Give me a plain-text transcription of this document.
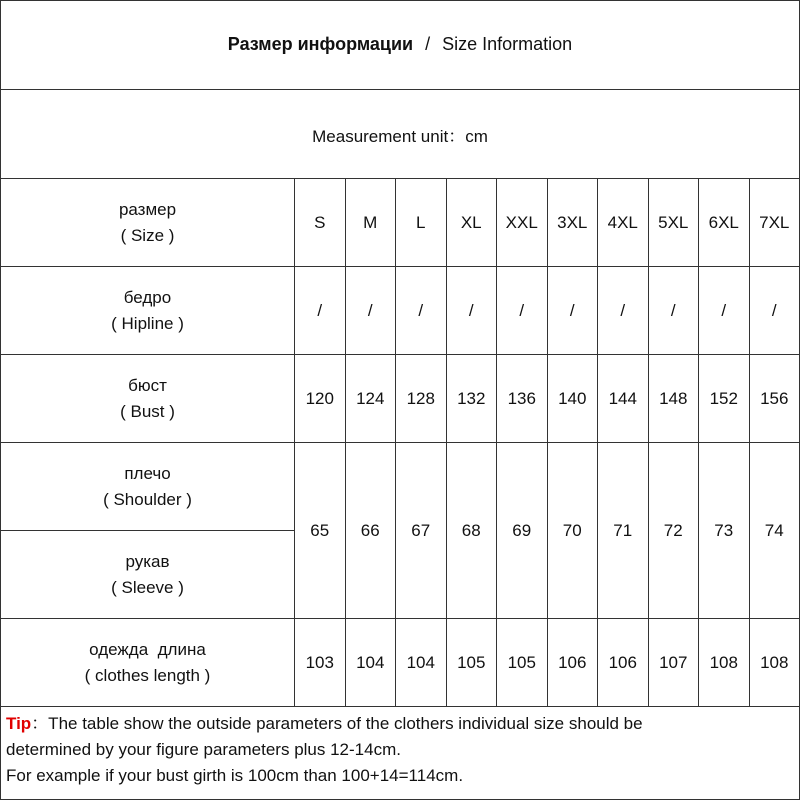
Размер информации / Size Information
Measurement unit：cm
размер
( Size )	S	M	L	XL	XXL	3XL	4XL	5XL	6XL	7XL

бедро
( Hipline )	/	/	/	/	/	/	/	/	/	/

бюст
( Bust )	120	124	128	132	136	140	144	148	152	156

плечо
( Shoulder )	65	66	67	68	69	70	71	72	73	74

рукав
( Sleeve )										

одежда  длина
( clothes length )	103	104	104	105	105	106	106	107	108	108
Tip：The table show the outside parameters of the clothers individual size should be
determined by your figure parameters plus 12-14cm.
For example if your bust girth is 100cm than 100+14=114cm.
